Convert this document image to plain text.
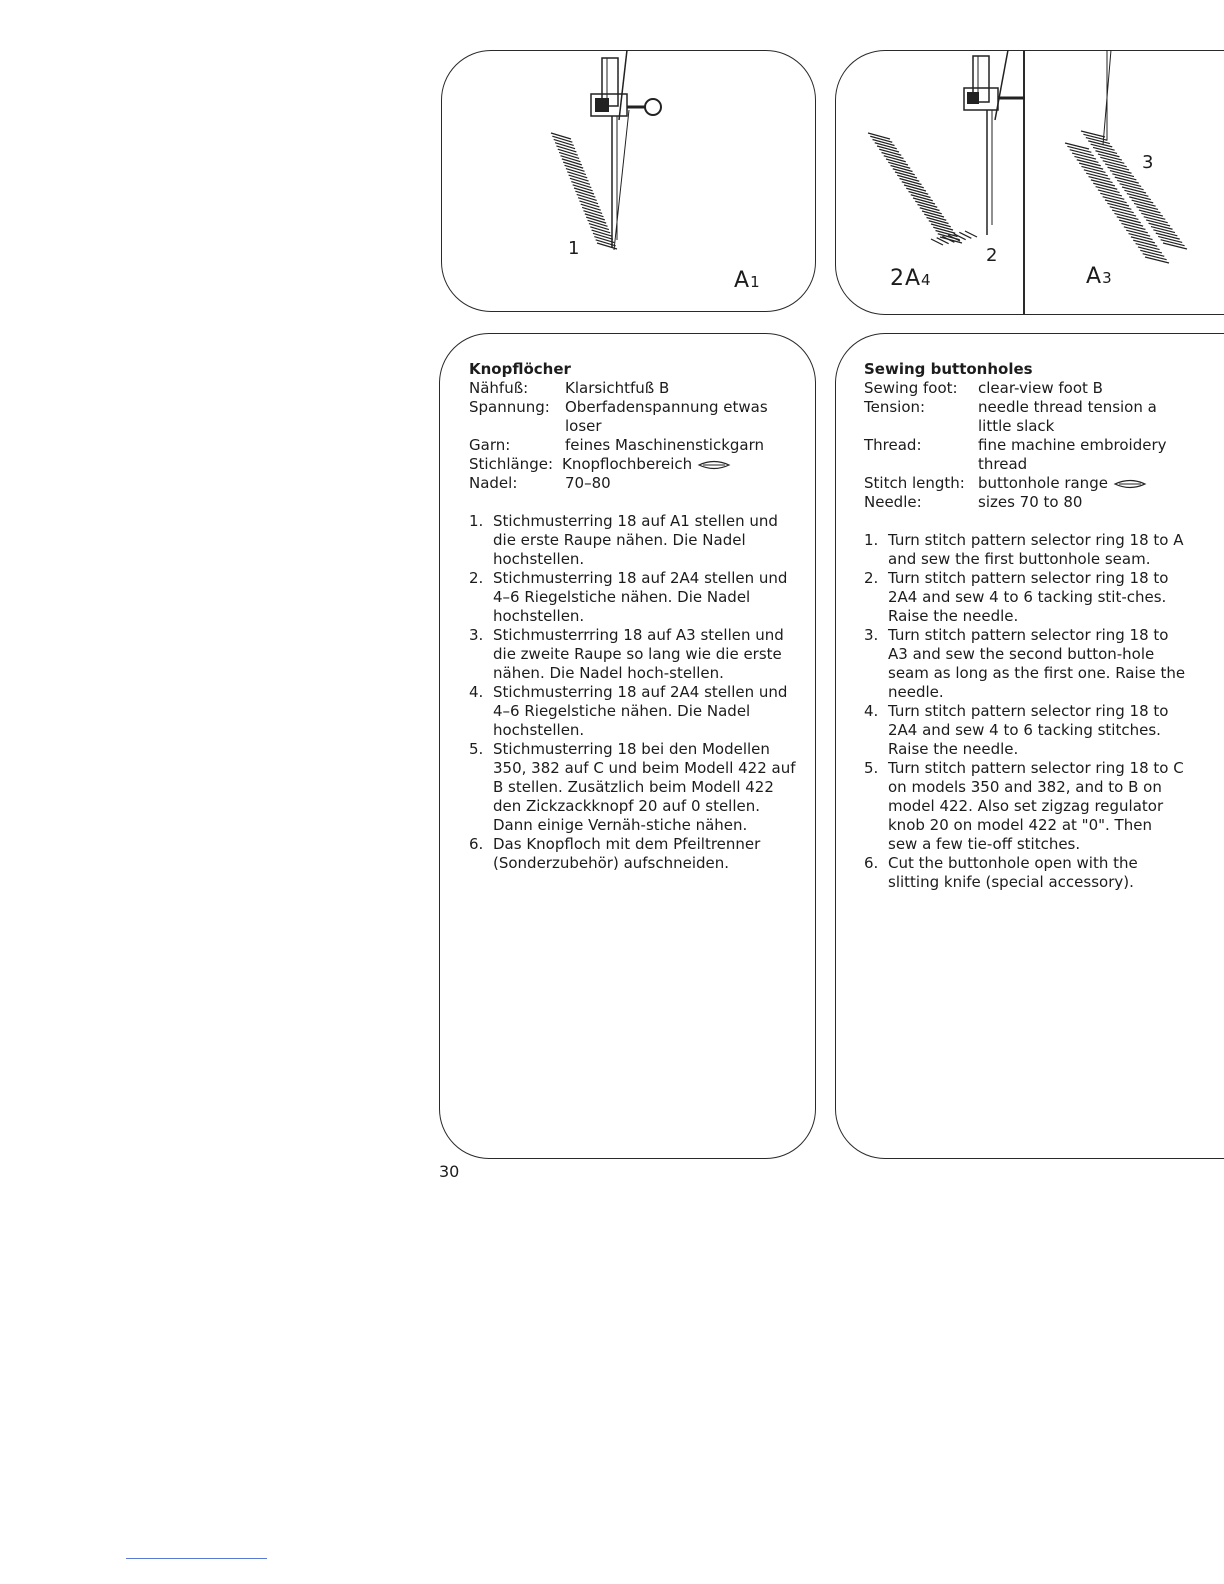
1
A1
2
2A4
3
A3
Knopflöcher
Nähfuß:	Klarsichtfuß B
Spannung:	Oberfadenspannung etwas loser
Garn:	feines Maschinenstickgarn
Stichlänge: Knopflochbereich
Nadel:	70–80
1. Stichmusterring 18 auf A1 stellen und die erste Raupe nähen. Die Nadel hochstellen.
2. Stichmusterring 18 auf 2A4 stellen und 4–6 Riegelstiche nähen. Die Nadel hochstellen.
3. Stichmusterrring 18 auf A3 stellen und die zweite Raupe so lang wie die erste nähen. Die Nadel hoch-stellen.
4. Stichmusterring 18 auf 2A4 stellen und 4–6 Riegelstiche nähen. Die Nadel hochstellen.
5. Stichmusterring 18 bei den Modellen 350, 382 auf C und beim Modell 422 auf B stellen. Zusätzlich beim Modell 422 den Zickzackknopf 20 auf 0 stellen. Dann einige Vernäh-stiche nähen.
6. Das Knopfloch mit dem Pfeiltrenner (Sonderzubehör) aufschneiden.
Sewing buttonholes
Sewing foot:	clear-view foot B
Tension:	needle thread tension a little slack
Thread:	fine machine embroidery thread
Stitch length: buttonhole range
Needle:	sizes 70 to 80
1. Turn stitch pattern selector ring 18 to A and sew the first buttonhole seam.
2. Turn stitch pattern selector ring 18 to 2A4 and sew 4 to 6 tacking stit-ches. Raise the needle.
3. Turn stitch pattern selector ring 18 to A3 and sew the second button-hole seam as long as the first one. Raise the needle.
4. Turn stitch pattern selector ring 18 to 2A4 and sew 4 to 6 tacking stitches. Raise the needle.
5. Turn stitch pattern selector ring 18 to C on models 350 and 382, and to B on model 422. Also set zigzag regulator knob 20 on model 422 at "0". Then sew a few tie-off stitches.
6. Cut the buttonhole open with the slitting knife (special accessory).
30
